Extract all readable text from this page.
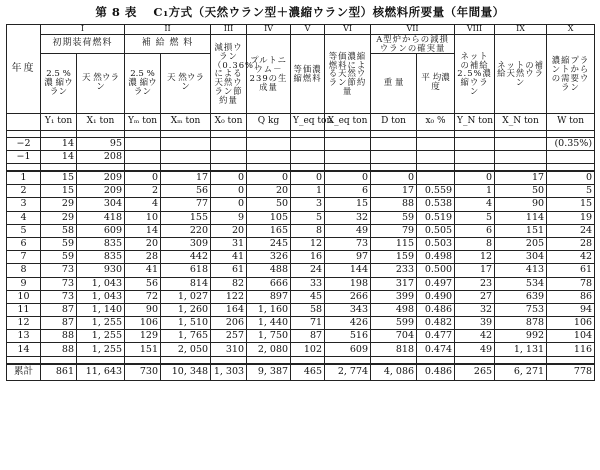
第 8 表 C₁方式（天然ウラン型＋濃縮ウラン型）核燃料所要量（年間量）
年度	I		II		III	IV	V	VI	VII		VIII	IX	X
	初期装荷燃料		補 給 燃 料		減損ウラン（0.36%）による天然ウラン節約量	プルトニウム－239の生成量	等価濃縮燃料	等価濃縮燃料による天然ウラン節約量	A型炉からの減損ウランの確実量		ネットの補給2.5%濃縮ウラン	ネットの補給天然ウラン	濃縮プラントからの需要ウラン
	2.5 %濃 縮ウラン	天 然ウラン	2.5 %濃 縮ウラン	天 然ウラン					重 量	平 均濃 度			
	Y₁ ton	X₁ ton	Yₘ ton	Xₘ ton	X₀ ton	Q kg	Y_eq ton	X_eq ton	D ton	x₀ %	Y_N ton	X_N ton	W ton

−2	14	95											(0.35%)
−1	14	208											

1	15	209	0	17	0	0	0	0	0		0	17	0
2	15	209	2	56	0	20	1	6	17	0.559	1	50	5
3	29	304	4	77	0	50	3	15	88	0.538	4	90	15
4	29	418	10	155	9	105	5	32	59	0.519	5	114	19
5	58	609	14	220	20	165	8	49	79	0.505	6	151	24
6	59	835	20	309	31	245	12	73	115	0.503	8	205	28
7	59	835	28	442	41	326	16	97	159	0.498	12	304	42
8	73	930	41	618	61	488	24	144	233	0.500	17	413	61
9	73	1, 043	56	814	82	666	33	198	317	0.497	23	534	78
10	73	1, 043	72	1, 027	122	897	45	266	399	0.490	27	639	86
11	87	1, 140	90	1, 260	164	1, 160	58	343	498	0.486	32	753	94
12	87	1, 255	106	1, 510	206	1, 440	71	426	599	0.482	39	878	106
13	88	1, 255	129	1, 765	257	1, 750	87	516	704	0.477	42	992	104
14	88	1, 255	151	2, 050	310	2, 080	102	609	818	0.474	49	1, 131	116

累計	861	11, 643	730	10, 348	1, 303	9, 387	465	2, 774	4, 086	0.486	265	6, 271	778
